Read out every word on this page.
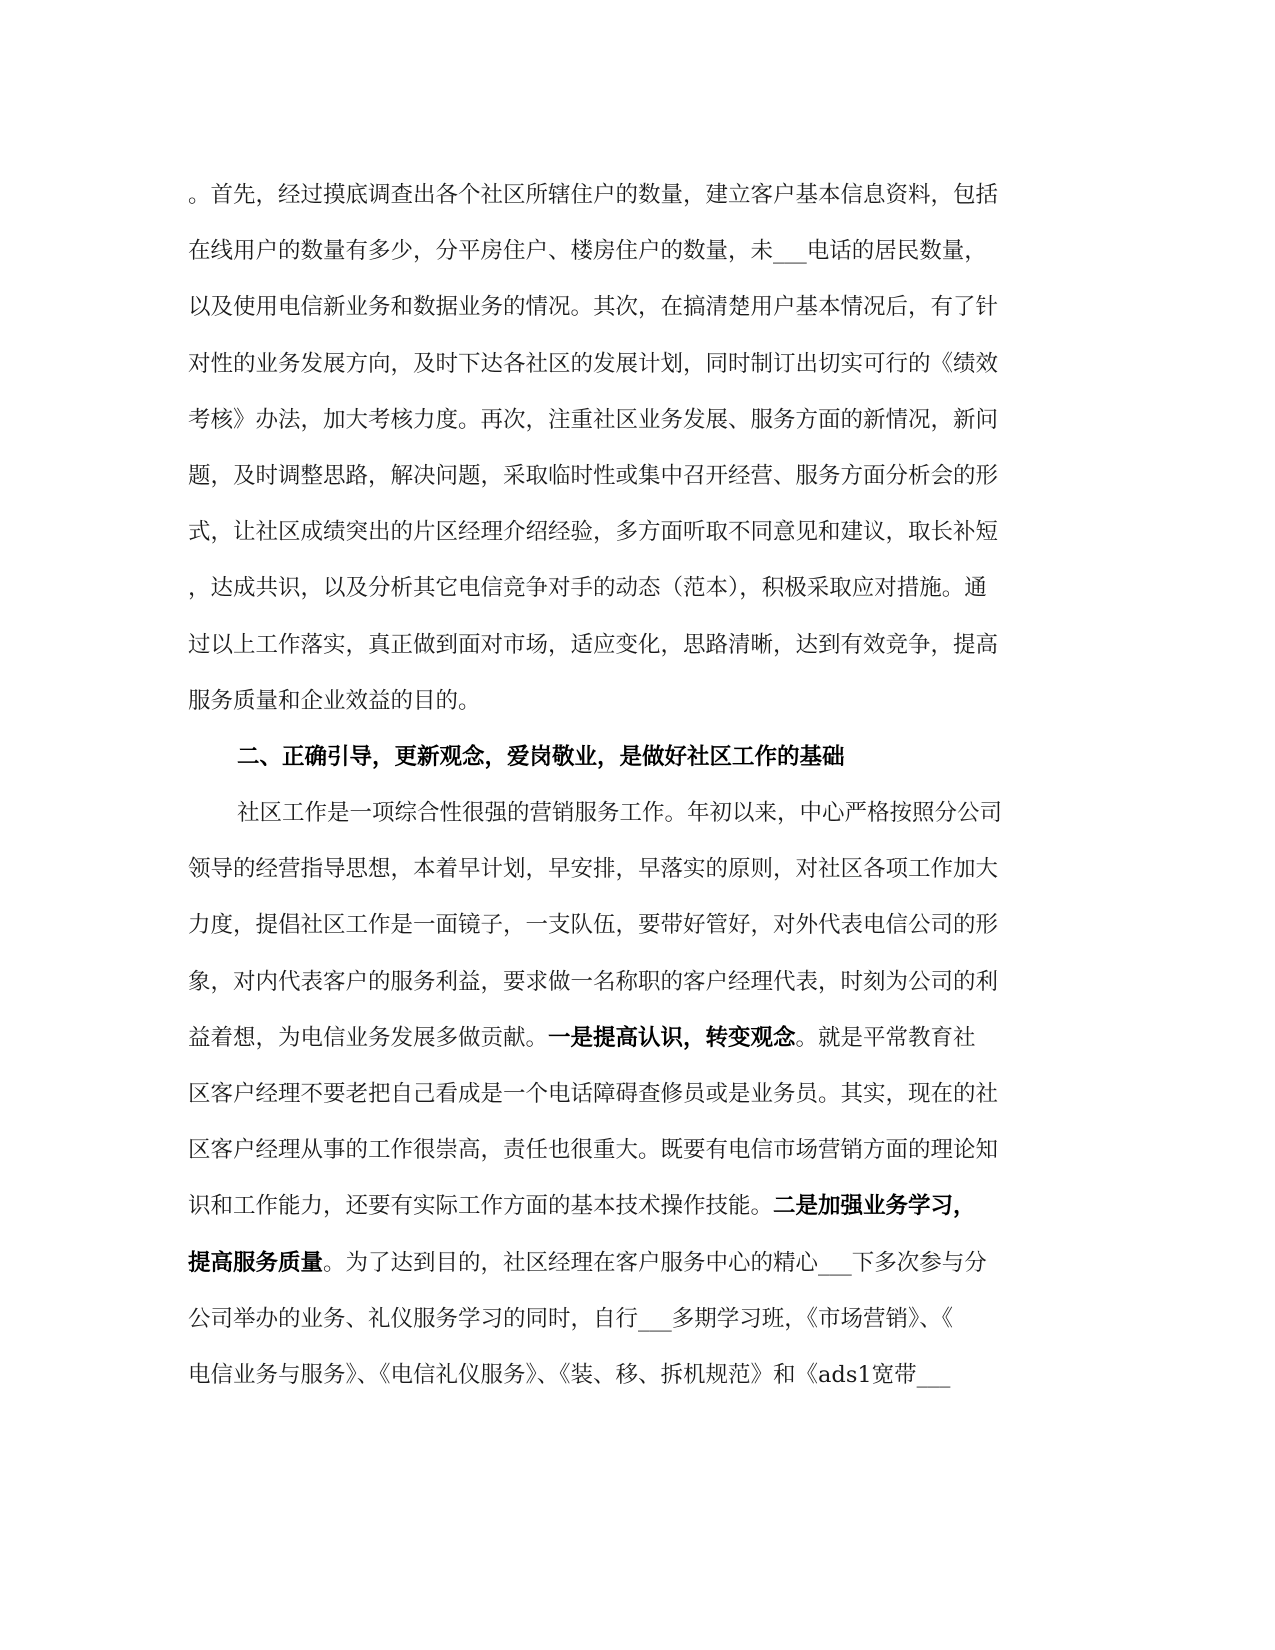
。首先，经过摸底调查出各个社区所辖住户的数量，建立客户基本信息资料，包括

在线用户的数量有多少，分平房住户、楼房住户的数量，未___电话的居民数量，

以及使用电信新业务和数据业务的情况。其次，在搞清楚用户基本情况后，有了针

对性的业务发展方向，及时下达各社区的发展计划，同时制订出切实可行的《绩效

考核》办法，加大考核力度。再次，注重社区业务发展、服务方面的新情况，新问

题，及时调整思路，解决问题，采取临时性或集中召开经营、服务方面分析会的形

式，让社区成绩突出的片区经理介绍经验，多方面听取不同意见和建议，取长补短

，达成共识，以及分析其它电信竞争对手的动态（范本），积极采取应对措施。通

过以上工作落实，真正做到面对市场，适应变化，思路清晰，达到有效竞争，提高

服务质量和企业效益的目的。

二、正确引导，更新观念，爱岗敬业，是做好社区工作的基础

社区工作是一项综合性很强的营销服务工作。年初以来，中心严格按照分公司

领导的经营指导思想，本着早计划，早安排，早落实的原则，对社区各项工作加大

力度，提倡社区工作是一面镜子，一支队伍，要带好管好，对外代表电信公司的形

象，对内代表客户的服务利益，要求做一名称职的客户经理代表，时刻为公司的利

益着想，为电信业务发展多做贡献。一是提高认识，转变观念。就是平常教育社

区客户经理不要老把自己看成是一个电话障碍查修员或是业务员。其实，现在的社

区客户经理从事的工作很崇高，责任也很重大。既要有电信市场营销方面的理论知

识和工作能力，还要有实际工作方面的基本技术操作技能。二是加强业务学习，

提高服务质量。为了达到目的，社区经理在客户服务中心的精心___下多次参与分

公司举办的业务、礼仪服务学习的同时，自行___多期学习班，《市场营销》、《

电信业务与服务》、《电信礼仪服务》、《装、移、拆机规范》和《ads1宽带___
